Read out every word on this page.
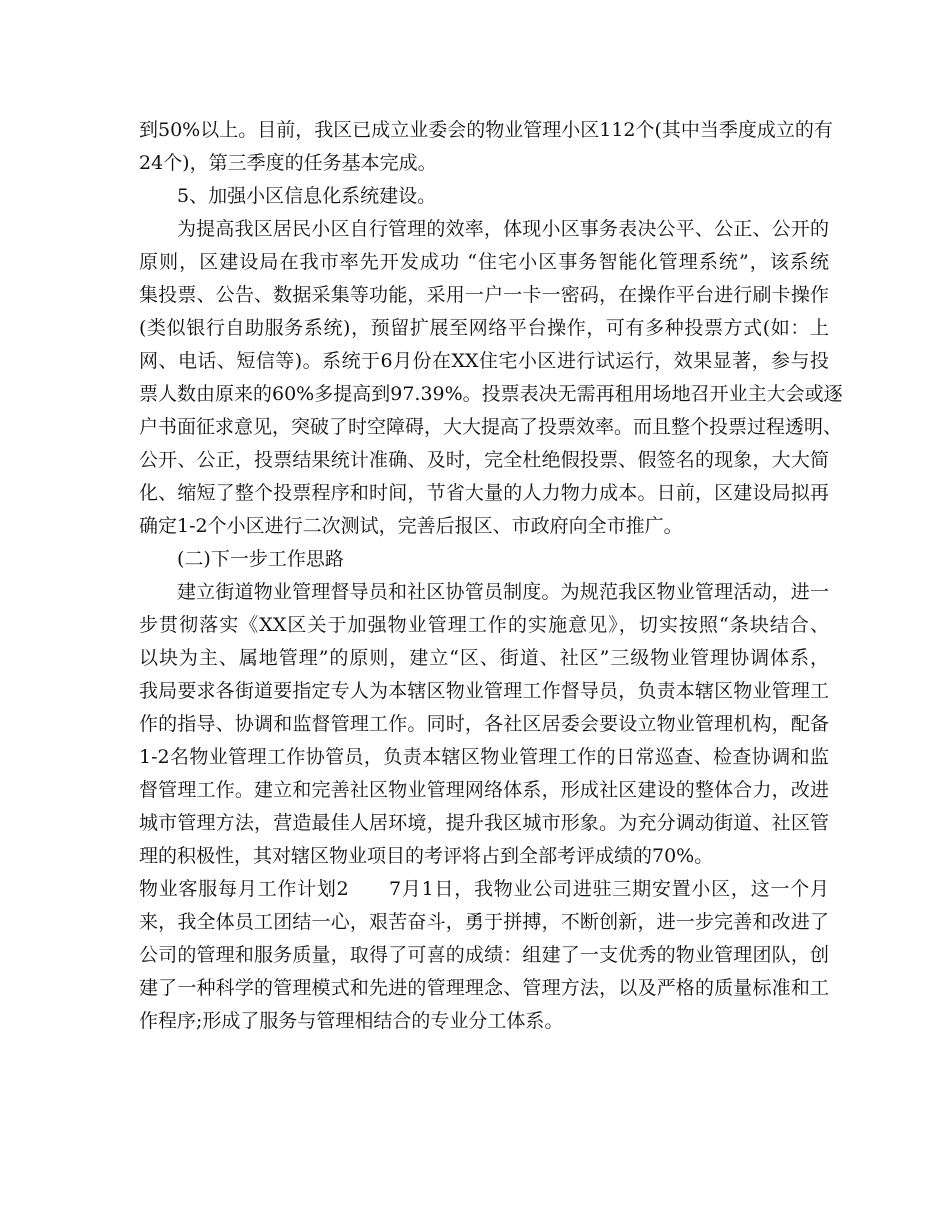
到50%以上。目前，我区已成立业委会的物业管理小区112个(其中当季度成立的有
24个)，第三季度的任务基本完成。
5、加强小区信息化系统建设。
为提高我区居民小区自行管理的效率，体现小区事务表决公平、公正、公开的
原则，区建设局在我市率先开发成功 “住宅小区事务智能化管理系统”，该系统
集投票、公告、数据采集等功能，采用一户一卡一密码，在操作平台进行刷卡操作
(类似银行自助服务系统)，预留扩展至网络平台操作，可有多种投票方式(如：上
网、电话、短信等)。系统于6月份在XX住宅小区进行试运行，效果显著，参与投
票人数由原来的60%多提高到97.39%。投票表决无需再租用场地召开业主大会或逐
户书面征求意见，突破了时空障碍，大大提高了投票效率。而且整个投票过程透明、
公开、公正，投票结果统计准确、及时，完全杜绝假投票、假签名的现象，大大简
化、缩短了整个投票程序和时间，节省大量的人力物力成本。日前，区建设局拟再
确定1-2个小区进行二次测试，完善后报区、市政府向全市推广。
(二)下一步工作思路
建立街道物业管理督导员和社区协管员制度。为规范我区物业管理活动，进一
步贯彻落实《XX区关于加强物业管理工作的实施意见》，切实按照“条块结合、
以块为主、属地管理”的原则，建立“区、街道、社区”三级物业管理协调体系，
我局要求各街道要指定专人为本辖区物业管理工作督导员，负责本辖区物业管理工
作的指导、协调和监督管理工作。同时，各社区居委会要设立物业管理机构，配备
1-2名物业管理工作协管员，负责本辖区物业管理工作的日常巡查、检查协调和监
督管理工作。建立和完善社区物业管理网络体系，形成社区建设的整体合力，改进
城市管理方法，营造最佳人居环境，提升我区城市形象。为充分调动街道、社区管
理的积极性，其对辖区物业项目的考评将占到全部考评成绩的70%。
物业客服每月工作计划2　　7月1日，我物业公司进驻三期安置小区，这一个月
来，我全体员工团结一心，艰苦奋斗，勇于拼搏，不断创新，进一步完善和改进了
公司的管理和服务质量，取得了可喜的成绩：组建了一支优秀的物业管理团队，创
建了一种科学的管理模式和先进的管理理念、管理方法，以及严格的质量标准和工
作程序;形成了服务与管理相结合的专业分工体系。
